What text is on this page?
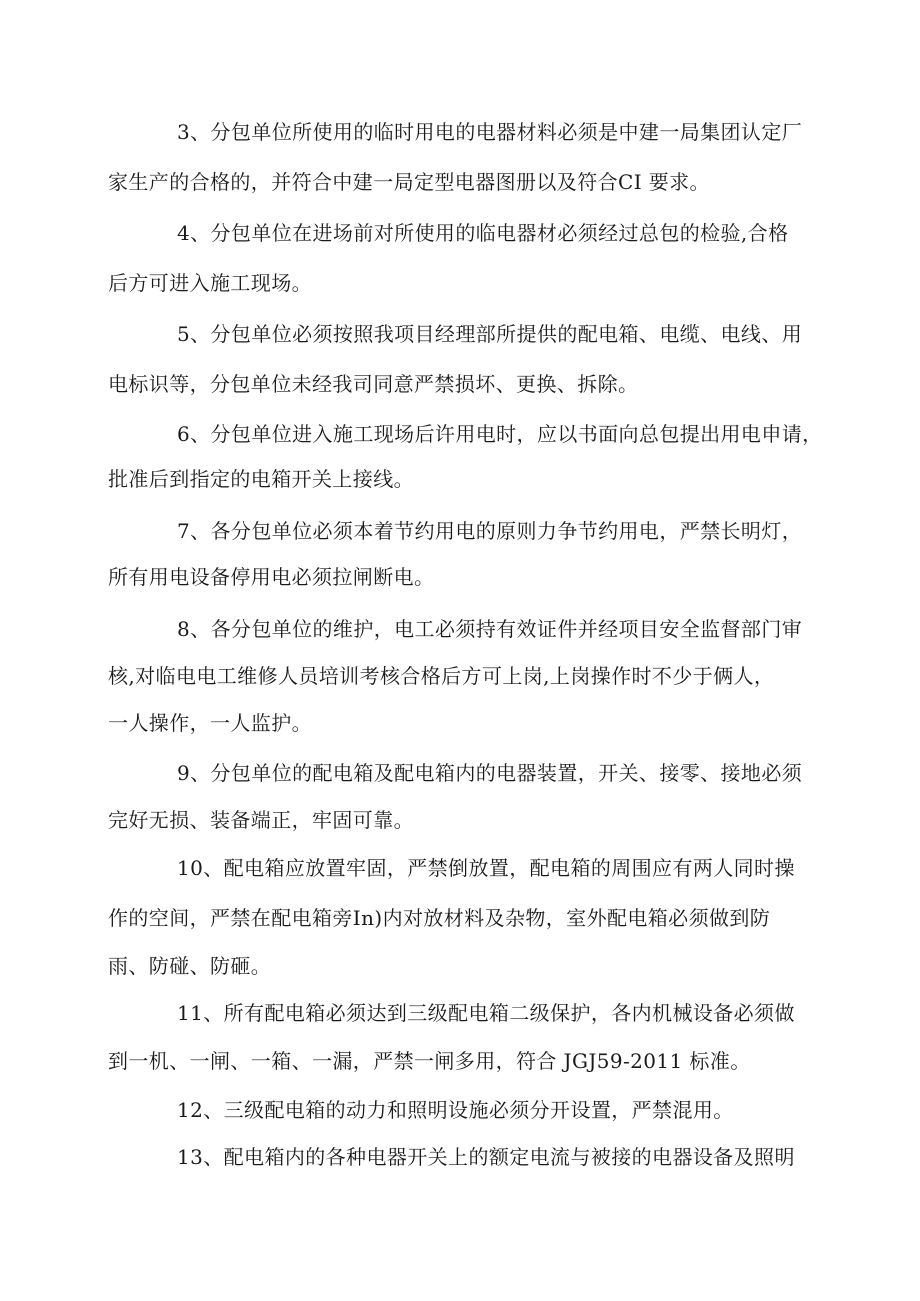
3、分包单位所使用的临时用电的电器材料必须是中建一局集团认定厂
家生产的合格的，并符合中建一局定型电器图册以及符合CI 要求。
4、分包单位在进场前对所使用的临电器材必须经过总包的检验,合格
后方可进入施工现场。
5、分包单位必须按照我项目经理部所提供的配电箱、电缆、电线、用
电标识等，分包单位未经我司同意严禁损坏、更换、拆除。
6、分包单位进入施工现场后许用电时，应以书面向总包提出用电申请，
批准后到指定的电箱开关上接线。
7、各分包单位必须本着节约用电的原则力争节约用电，严禁长明灯，
所有用电设备停用电必须拉闸断电。
8、各分包单位的维护，电工必须持有效证件并经项目安全监督部门审
核,对临电电工维修人员培训考核合格后方可上岗,上岗操作时不少于俩人，
一人操作，一人监护。
9、分包单位的配电箱及配电箱内的电器装置，开关、接零、接地必须
完好无损、装备端正，牢固可靠。
10、配电箱应放置牢固，严禁倒放置，配电箱的周围应有两人同时操
作的空间，严禁在配电箱旁In)内对放材料及杂物，室外配电箱必须做到防
雨、防碰、防砸。
11、所有配电箱必须达到三级配电箱二级保护，各内机械设备必须做
到一机、一闸、一箱、一漏，严禁一闸多用，符合 JGJ59-2011 标准。
12、三级配电箱的动力和照明设施必须分开设置，严禁混用。
13、配电箱内的各种电器开关上的额定电流与被接的电器设备及照明
